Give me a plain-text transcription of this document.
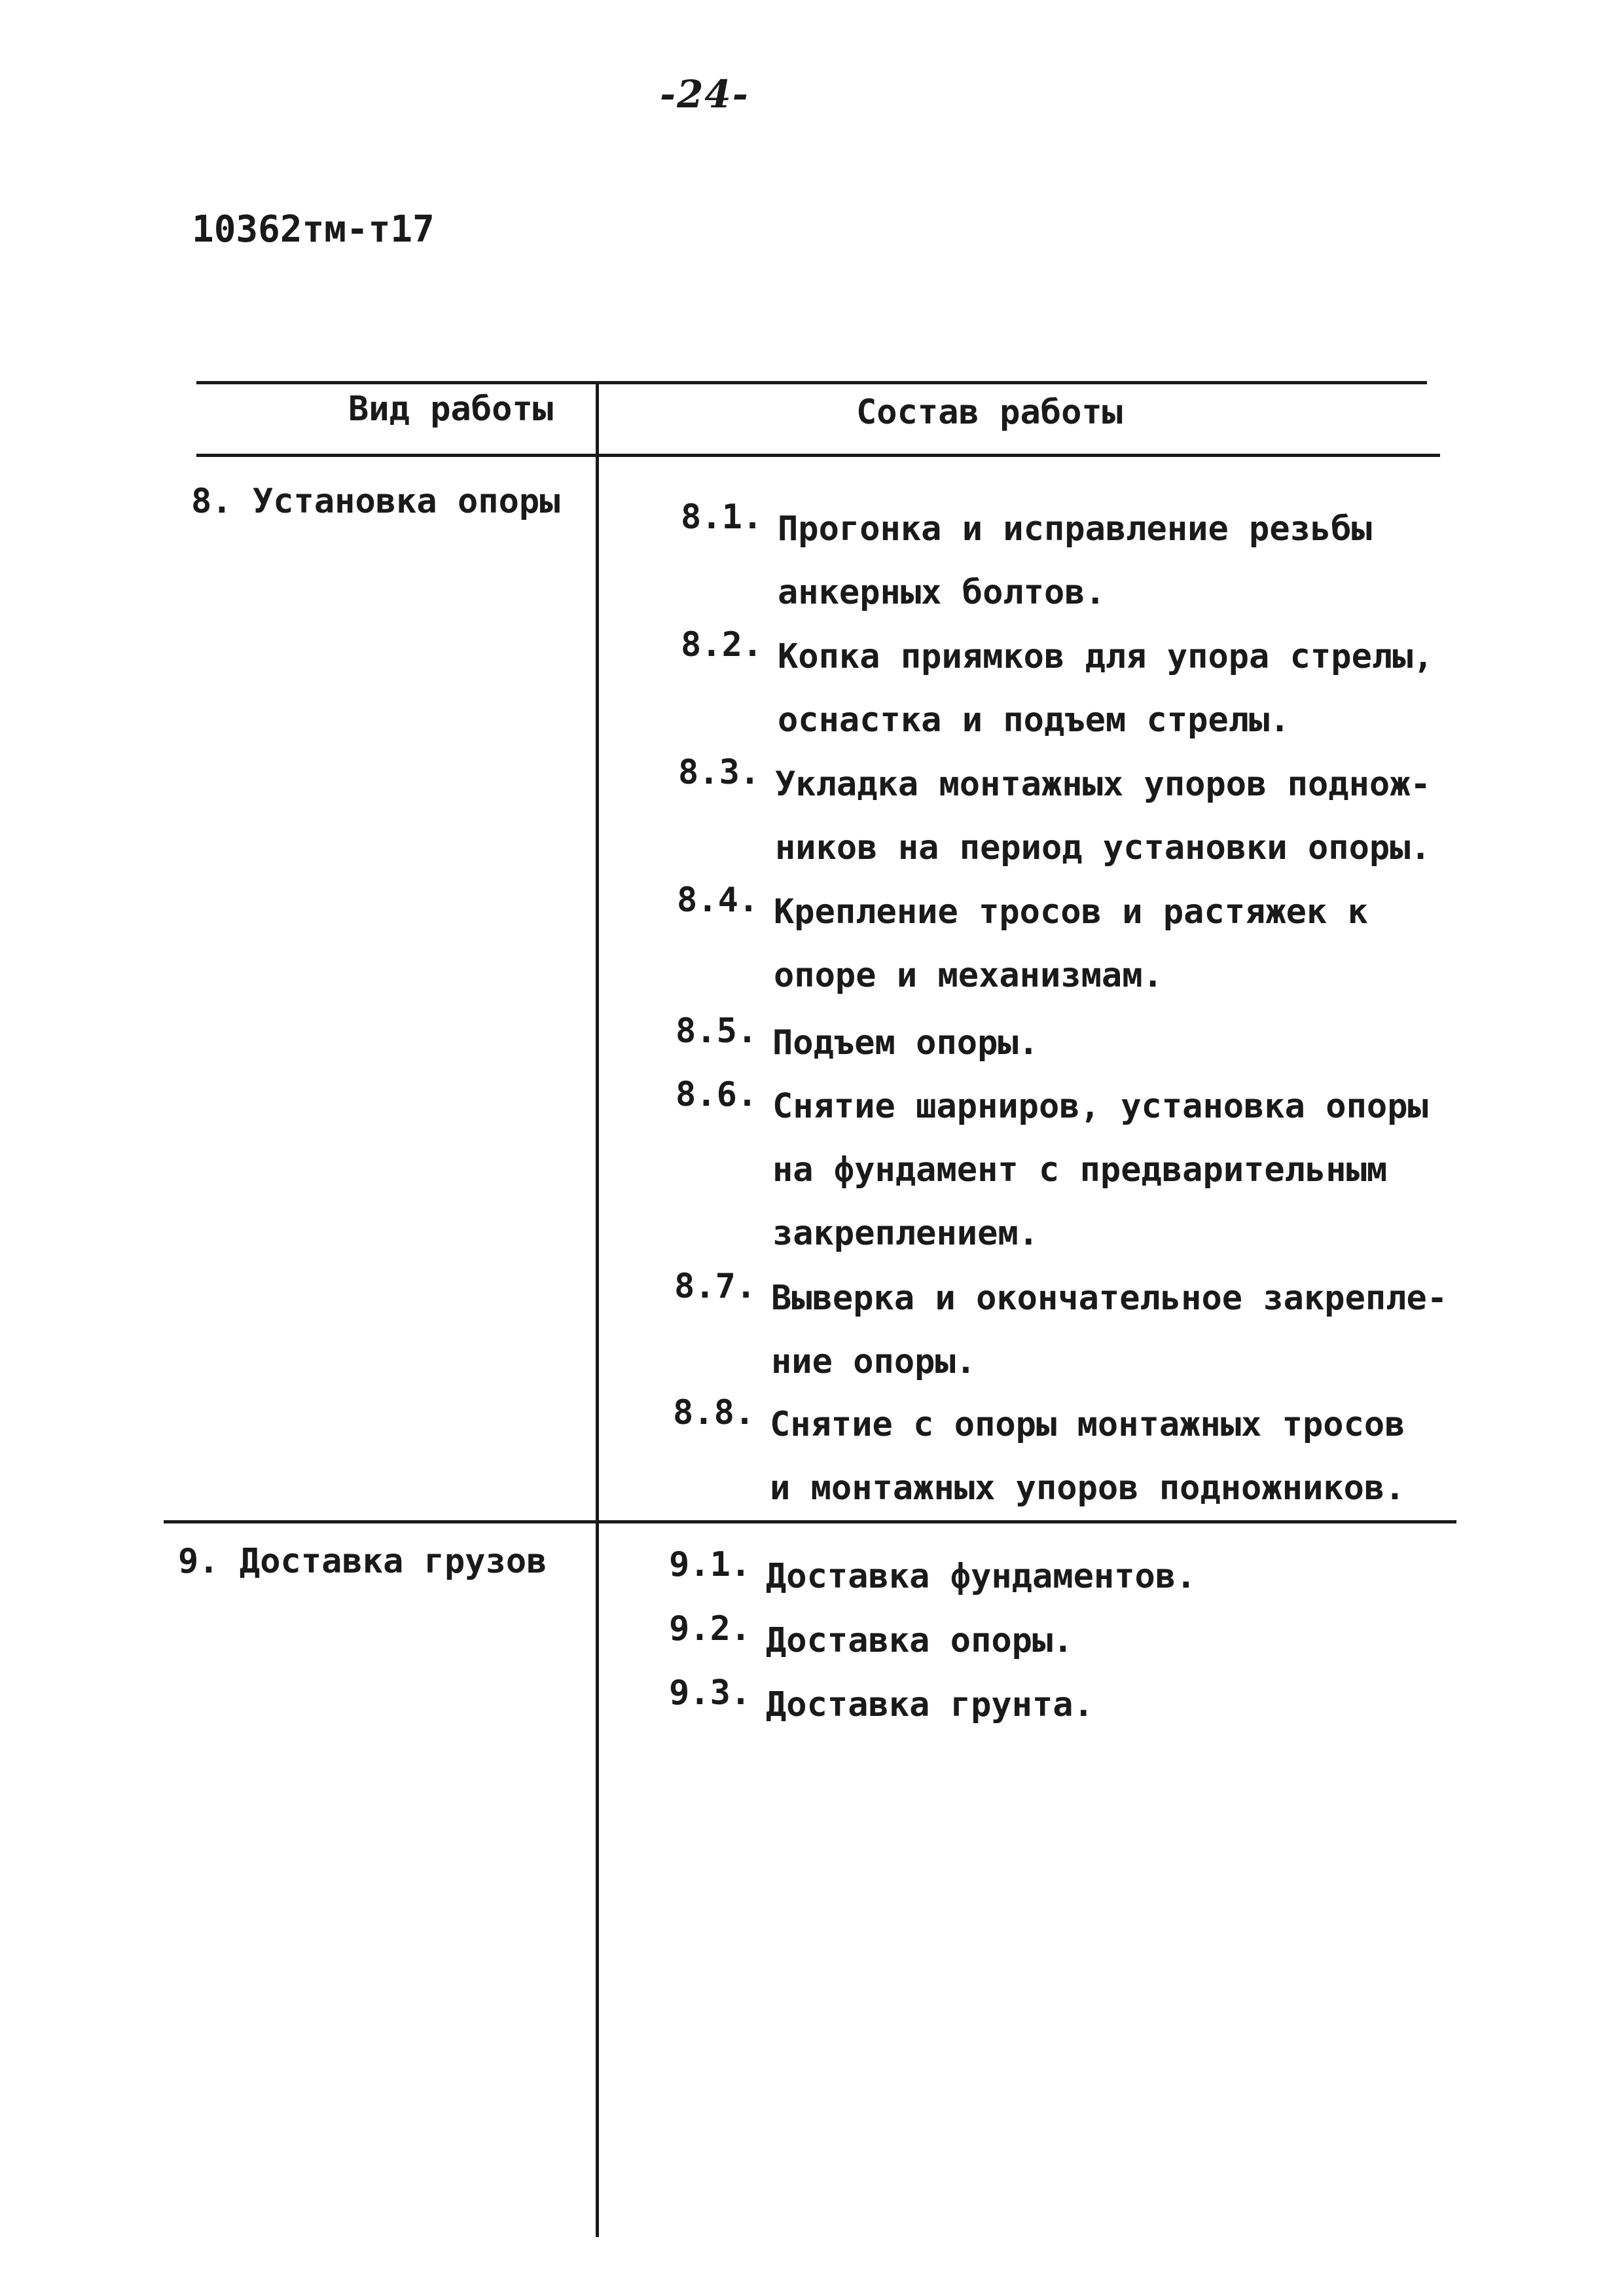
-24-
10362тм-т17
Вид работы	Состав работы
8. Установка опоры	8.1. Прогонка и исправление резьбы
анкерных болтов.
8.2. Копка приямков для упора стрелы,
оснастка и подъем стрелы.
8.3. Укладка монтажных упоров поднож-
ников на период установки опоры.
8.4. Крепление тросов и растяжек к
опоре и механизмам.
8.5. Подъем опоры.
8.6. Снятие шарниров, установка опоры
на фундамент с предварительным
закреплением.
8.7. Выверка и окончательное закрепле-
ние опоры.
8.8. Снятие с опоры монтажных тросов
и монтажных упоров подножников.
9. Доставка грузов	9.1. Доставка фундаментов.
9.2. Доставка опоры.
9.3. Доставка грунта.
